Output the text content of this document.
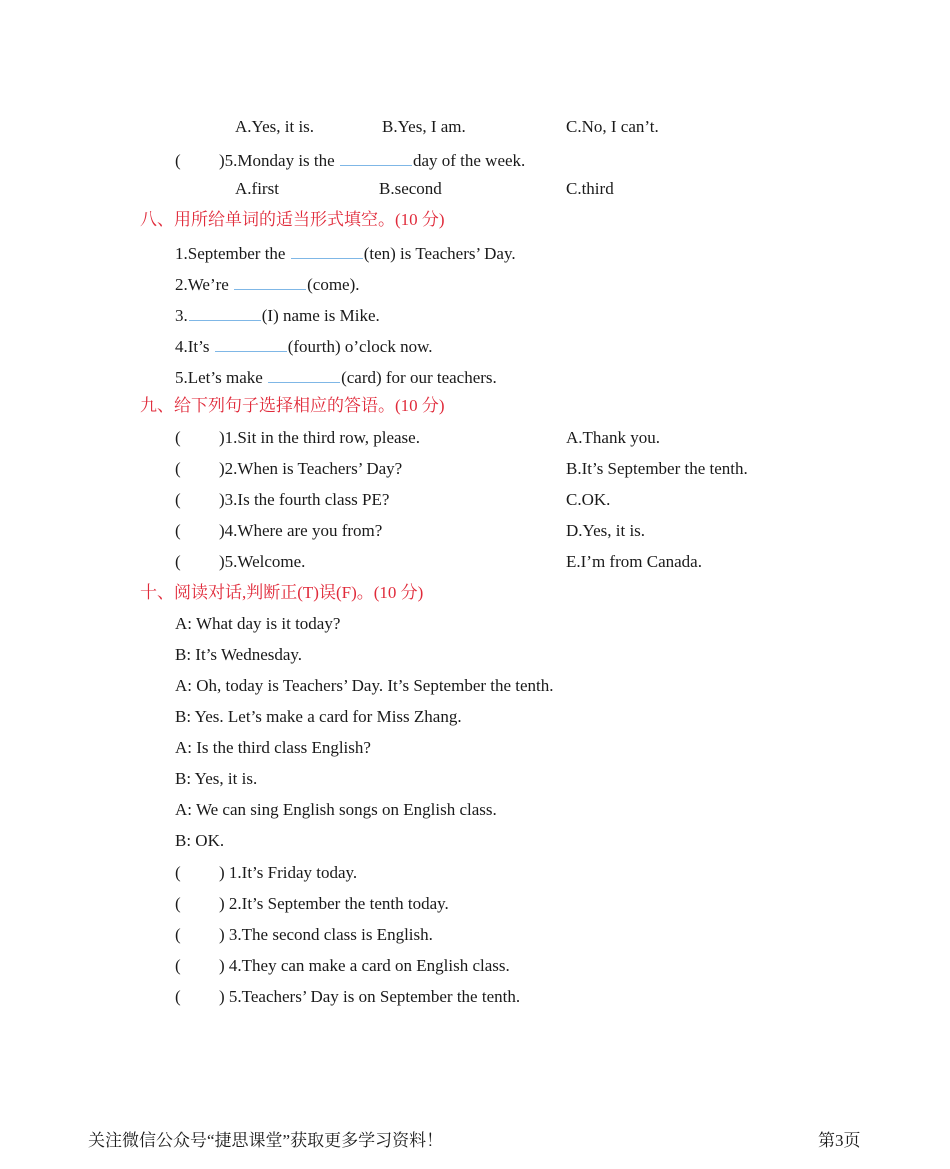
A.Yes, it is.	B.Yes, I am.	C.No, I can’t.
( )5.Monday is the	day of the week.
A.first	B.second	C.third
八、用所给单词的适当形式填空。(10 分)
1.September the	(ten) is Teachers’ Day.
2.We’re	(come).
3.	(I) name is Mike.
4.It’s	(fourth) o’clock now.
5.Let’s make	(card) for our teachers.
九、给下列句子选择相应的答语。(10 分)
( )1.Sit in the third row, please.	A.Thank you.
( )2.When is Teachers’ Day?	B.It’s September the tenth.
( )3.Is the fourth class PE?	C.OK.
( )4.Where are you from?	D.Yes, it is.
( )5.Welcome.	E.I’m from Canada.
十、阅读对话,判断正(T)误(F)。(10 分)
A: What day is it today?
B: It’s Wednesday.
A: Oh, today is Teachers’ Day. It’s September the tenth.
B: Yes. Let’s make a card for Miss Zhang.
A: Is the third class English?
B: Yes, it is.
A: We can sing English songs on English class.
B: OK.
( ) 1.It’s Friday today.
( ) 2.It’s September the tenth today.
( ) 3.The second class is English.
( ) 4.They can make a card on English class.
( ) 5.Teachers’ Day is on September the tenth.
关注微信公众号“捷思课堂”获取更多学习资料！	第3页
